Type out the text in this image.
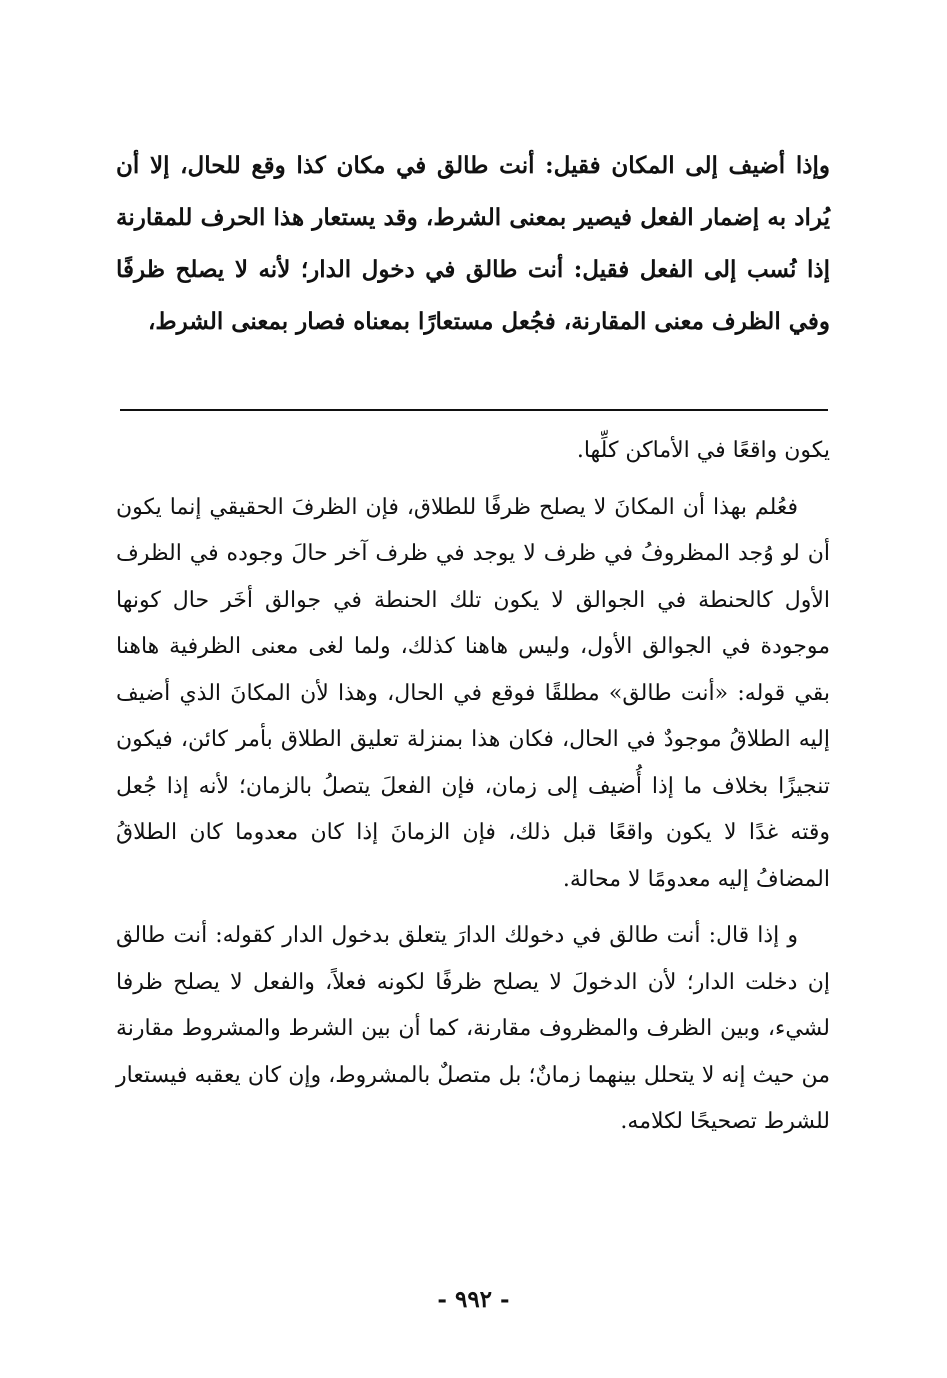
وإذا أضيف إلى المكان فقيل: أنت طالق في مكان كذا وقع للحال، إلا أن يُراد به إضمار الفعل فيصير بمعنى الشرط، وقد يستعار هذا الحرف للمقارنة إذا نُسب إلى الفعل فقيل: أنت طالق في دخول الدار؛ لأنه لا يصلح ظرفًا وفي الظرف معنى المقارنة، فجُعل مستعارًا بمعناه فصار بمعنى الشرط،

يكون واقعًا في الأماكن كلِّها.

فعُلم بهذا أن المكانَ لا يصلح ظرفًا للطلاق، فإن الظرفَ الحقيقي إنما يكون أن لو وُجد المظروفُ في ظرف لا يوجد في ظرف آخر حالَ وجوده في الظرف الأول كالحنطة في الجوالق لا يكون تلك الحنطة في جوالق أخَر حال كونها موجودة في الجوالق الأول، وليس هاهنا كذلك، ولما لغى معنى الظرفية هاهنا بقي قوله: «أنت طالق» مطلقًا فوقع في الحال، وهذا لأن المكانَ الذي أضيف إليه الطلاقُ موجودٌ في الحال، فكان هذا بمنزلة تعليق الطلاق بأمر كائن، فيكون تنجيزًا بخلاف ما إذا أُضيف إلى زمان، فإن الفعلَ يتصلُ بالزمان؛ لأنه إذا جُعل وقته غدًا لا يكون واقعًا قبل ذلك، فإن الزمانَ إذا كان معدوما كان الطلاقُ المضافُ إليه معدومًا لا محالة.

و إذا قال: أنت طالق في دخولك الدارَ يتعلق بدخول الدار كقوله: أنت طالق إن دخلت الدار؛ لأن الدخولَ لا يصلح ظرفًا لكونه فعلاً، والفعل لا يصلح ظرفا لشيء، وبين الظرف والمظروف مقارنة، كما أن بين الشرط والمشروط مقارنة من حيث إنه لا يتحلل بينهما زمانٌ؛ بل متصلٌ بالمشروط، وإن كان يعقبه فيستعار للشرط تصحيحًا لكلامه.

- ٩٩٢ -
